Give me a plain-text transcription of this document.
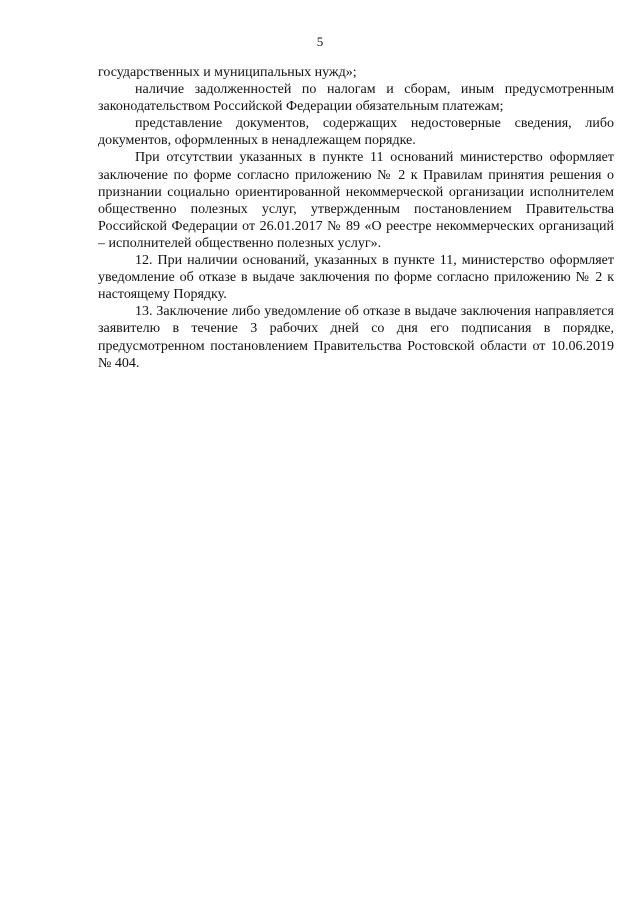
5

государственных и муниципальных нужд»;

наличие задолженностей по налогам и сборам, иным предусмотренным законодательством Российской Федерации обязательным платежам;

представление документов, содержащих недостоверные сведения, либо документов, оформленных в ненадлежащем порядке.

При отсутствии указанных в пункте 11 оснований министерство оформляет заключение по форме согласно приложению № 2 к Правилам принятия решения о признании социально ориентированной некоммерческой организации исполнителем общественно полезных услуг, утвержденным постановлением Правительства Российской Федерации от 26.01.2017 № 89 «О реестре некоммерческих организаций – исполнителей общественно полезных услуг».

12. При наличии оснований, указанных в пункте 11, министерство оформляет уведомление об отказе в выдаче заключения по форме согласно приложению № 2 к настоящему Порядку.

13. Заключение либо уведомление об отказе в выдаче заключения направляется заявителю в течение 3 рабочих дней со дня его подписания в порядке, предусмотренном постановлением Правительства Ростовской области от 10.06.2019 № 404.
